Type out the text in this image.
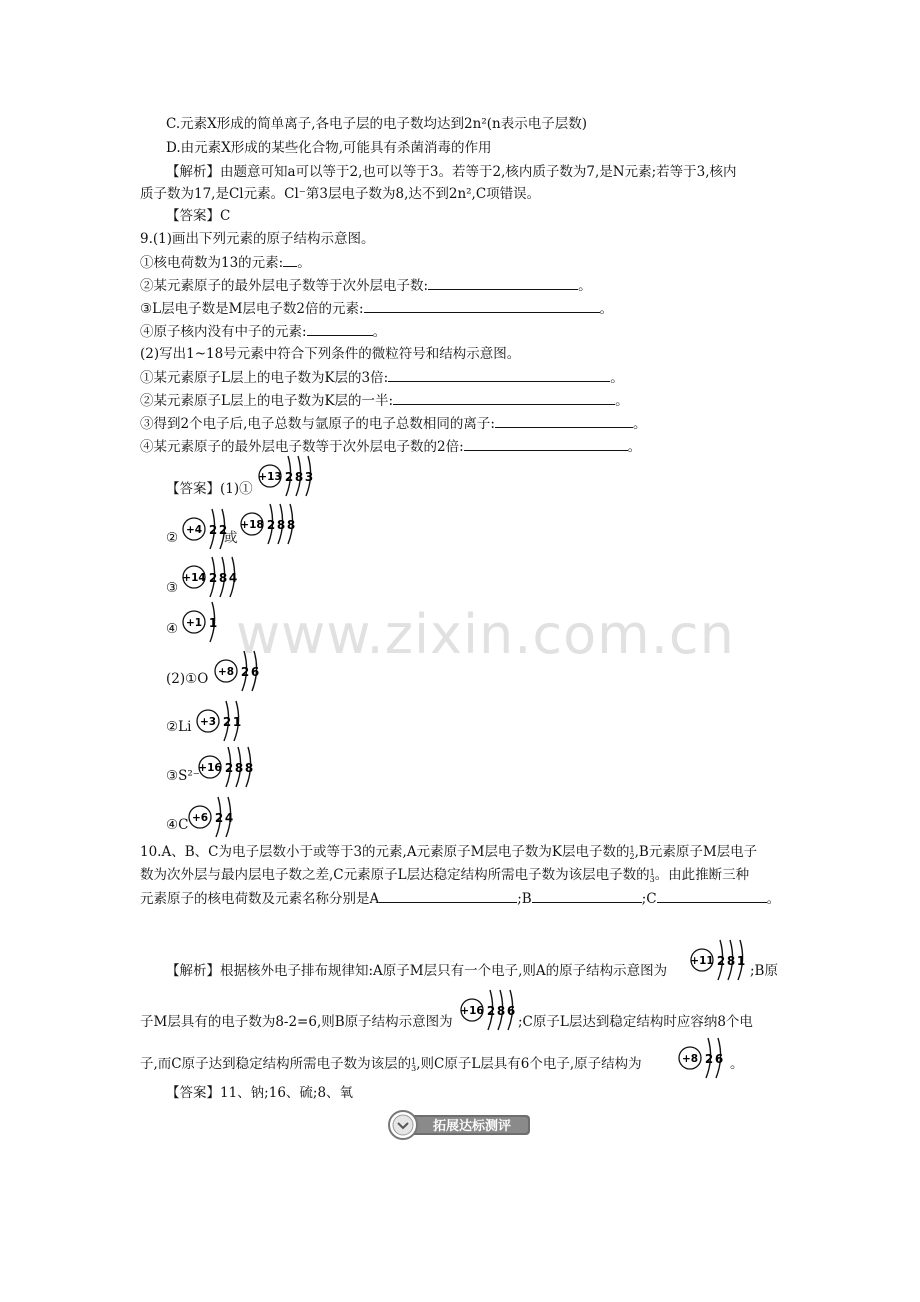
C.元素X形成的简单离子,各电子层的电子数均达到2n²(n表示电子层数)
D.由元素X形成的某些化合物,可能具有杀菌消毒的作用
【解析】由题意可知a可以等于2,也可以等于3。若等于2,核内质子数为7,是N元素;若等于3,核内
质子数为17,是Cl元素。Cl⁻第3层电子数为8,达不到2n²,C项错误。
【答案】C
9.(1)画出下列元素的原子结构示意图。
①核电荷数为13的元素: 。
②某元素原子的最外层电子数等于次外层电子数:	。
③L层电子数是M层电子数2倍的元素:	。
④原子核内没有中子的元素:	。
(2)写出1~18号元素中符合下列条件的微粒符号和结构示意图。
①某元素原子L层上的电子数为K层的3倍:	。
②某元素原子L层上的电子数为K层的一半:	。
③得到2个电子后,电子总数与氩原子的电子总数相同的离子:	。
④某元素原子的最外层电子数等于次外层电子数的2倍:	。
【答案】(1)①
+13 2 8 3
② +4 2 2
或
+18 2 8 8
③
+14 2 8 4
④ +1 1
(2)①O +8 2 6
②Li +3 2 1
③S²⁻
+16 2 8 8
④C +6 2 4
www.zixin.com.cn
10.A、B、C为电子层数小于或等于3的元素,A元素原子M层电子数为K层电子数的1
2,B元素原子M层电子
数为次外层与最内层电子数之差,C元素原子L层达稳定结构所需电子数为该层电子数的1
3。由此推断三种
元素原子的核电荷数及元素名称分别是A	;B	;C	。
【解析】根据核外电子排布规律知:A原子M层只有一个电子,则A的原子结构示意图为
+11 2 8 1
;B原
子M层具有的电子数为8-2=6,则B原子结构示意图为
+16 2 8 6
;C原子L层达到稳定结构时应容纳8个电
子,而C原子达到稳定结构所需电子数为该层的1
3,则C原子L层具有6个电子,原子结构为	+8 2 6 。
【答案】11、钠;16、硫;8、氧
拓展达标测评
